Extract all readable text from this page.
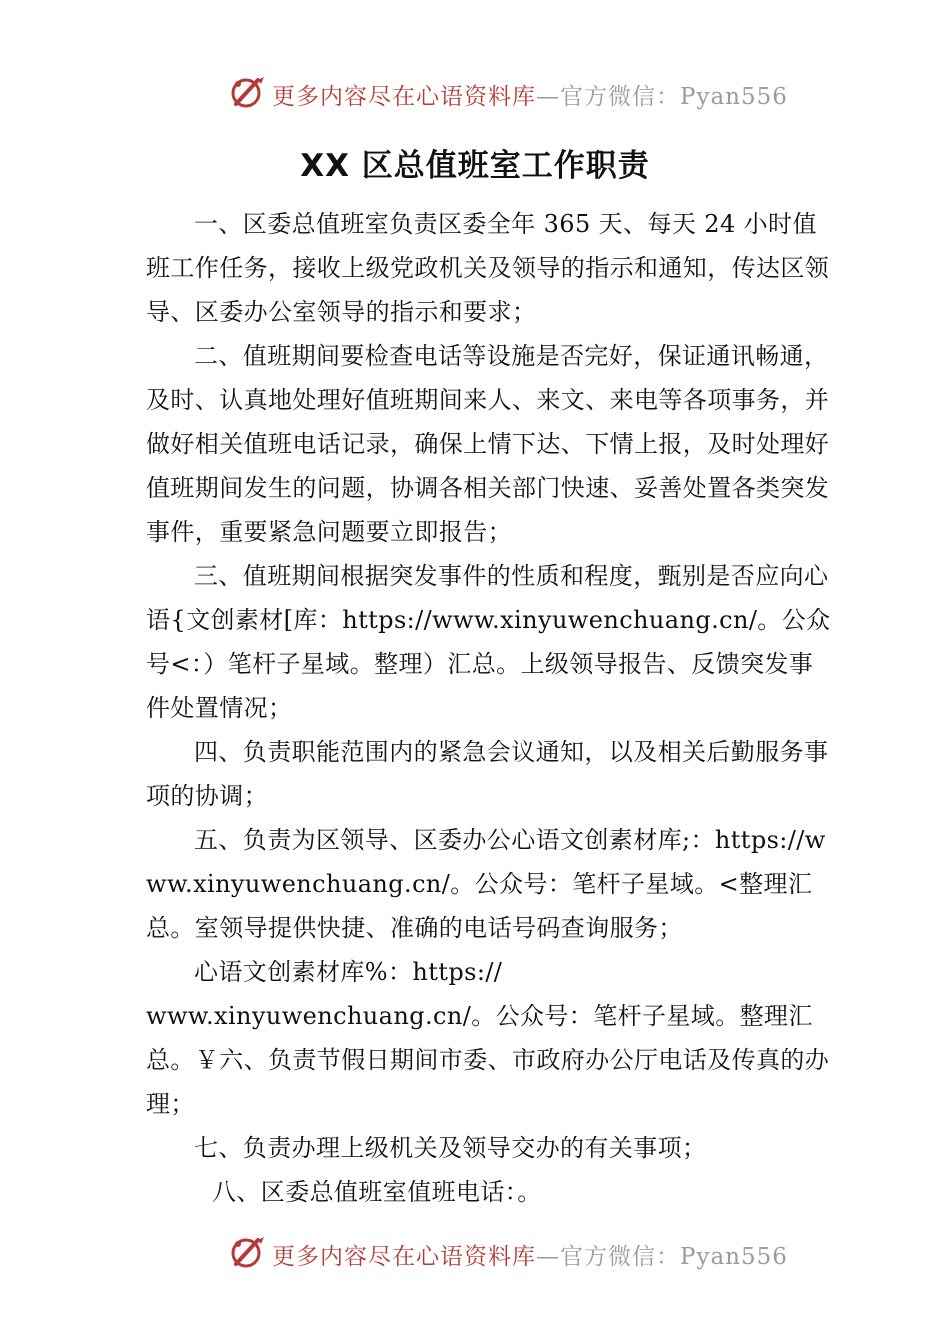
更多内容尽在心语资料库—官方微信：Pyan556
XX 区总值班室工作职责

一、区委总值班室负责区委全年 365 天、每天 24 小时值班工作任务，接收上级党政机关及领导的指示和通知，传达区领导、区委办公室领导的指示和要求；

二、值班期间要检查电话等设施是否完好，保证通讯畅通，及时、认真地处理好值班期间来人、来文、来电等各项事务，并做好相关值班电话记录，确保上情下达、下情上报，及时处理好值班期间发生的问题，协调各相关部门快速、妥善处置各类突发事件，重要紧急问题要立即报告；

三、值班期间根据突发事件的性质和程度，甄别是否应向心语{文创素材[库：https://www.xinyuwenchuang.cn/。公众号<：）笔杆子星域。整理）汇总。上级领导报告、反馈突发事件处置情况；

四、负责职能范围内的紧急会议通知，以及相关后勤服务事项的协调；

五、负责为区领导、区委办公心语文创素材库;：https://www.xinyuwenchuang.cn/。公众号：笔杆子星域。<整理汇总。室领导提供快捷、准确的电话号码查询服务；

心语文创素材库%：https://

www.xinyuwenchuang.cn/。公众号：笔杆子星域。整理汇总。￥六、负责节假日期间市委、市政府办公厅电话及传真的办理；

七、负责办理上级机关及领导交办的有关事项；

八、区委总值班室值班电话：。

更多内容尽在心语资料库—官方微信：Pyan556
